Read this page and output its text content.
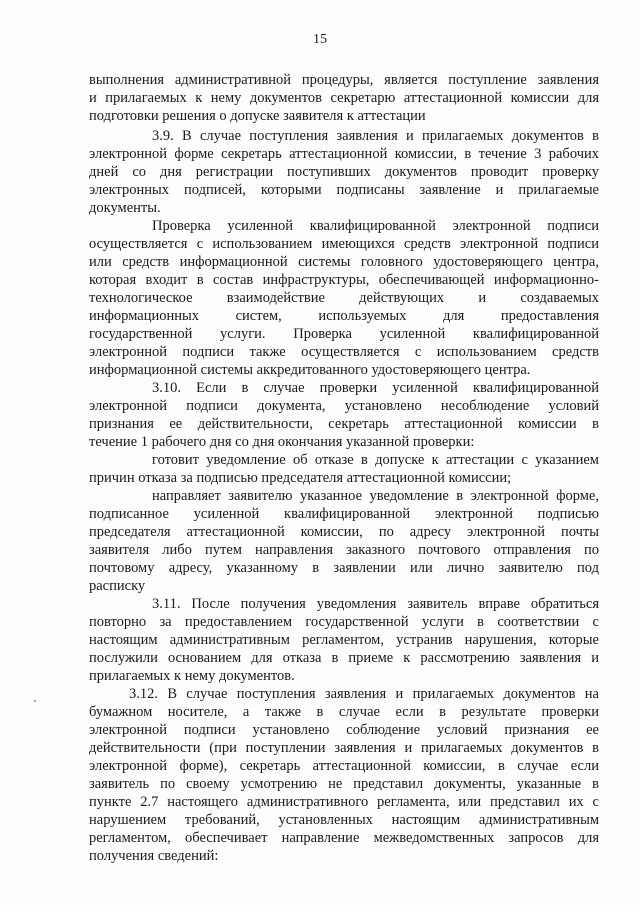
15
выполнения административной процедуры, является поступление заявления
и прилагаемых к нему документов секретарю аттестационной комиссии для
подготовки решения о допуске заявителя к аттестации
3.9. В случае поступления заявления и прилагаемых документов в
электронной форме секретарь аттестационной комиссии, в течение 3 рабочих
дней со дня регистрации поступивших документов проводит проверку
электронных подписей, которыми подписаны заявление и прилагаемые
документы.
Проверка усиленной квалифицированной электронной подписи
осуществляется с использованием имеющихся средств электронной подписи
или средств информационной системы головного удостоверяющего центра,
которая входит в состав инфраструктуры, обеспечивающей информационно-
технологическое взаимодействие действующих и создаваемых
информационных систем, используемых для предоставления
государственной услуги. Проверка усиленной квалифицированной
электронной подписи также осуществляется с использованием средств
информационной системы аккредитованного удостоверяющего центра.
3.10. Если в случае проверки усиленной квалифицированной
электронной подписи документа, установлено несоблюдение условий
признания ее действительности, секретарь аттестационной комиссии в
течение 1 рабочего дня со дня окончания указанной проверки:
готовит уведомление об отказе в допуске к аттестации с указанием
причин отказа за подписью председателя аттестационной комиссии;
направляет заявителю указанное уведомление в электронной форме,
подписанное усиленной квалифицированной электронной подписью
председателя аттестационной комиссии, по адресу электронной почты
заявителя либо путем направления заказного почтового отправления по
почтовому адресу, указанному в заявлении или лично заявителю под
расписку
3.11. После получения уведомления заявитель вправе обратиться
повторно за предоставлением государственной услуги в соответствии с
настоящим административным регламентом, устранив нарушения, которые
послужили основанием для отказа в приеме к рассмотрению заявления и
прилагаемых к нему документов.
3.12. В случае поступления заявления и прилагаемых документов на
бумажном носителе, а также в случае если в результате проверки
электронной подписи установлено соблюдение условий признания ее
действительности (при поступлении заявления и прилагаемых документов в
электронной форме), секретарь аттестационной комиссии, в случае если
заявитель по своему усмотрению не представил документы, указанные в
пункте 2.7 настоящего административного регламента, или представил их с
нарушением требований, установленных настоящим административным
регламентом, обеспечивает направление межведомственных запросов для
получения сведений:
